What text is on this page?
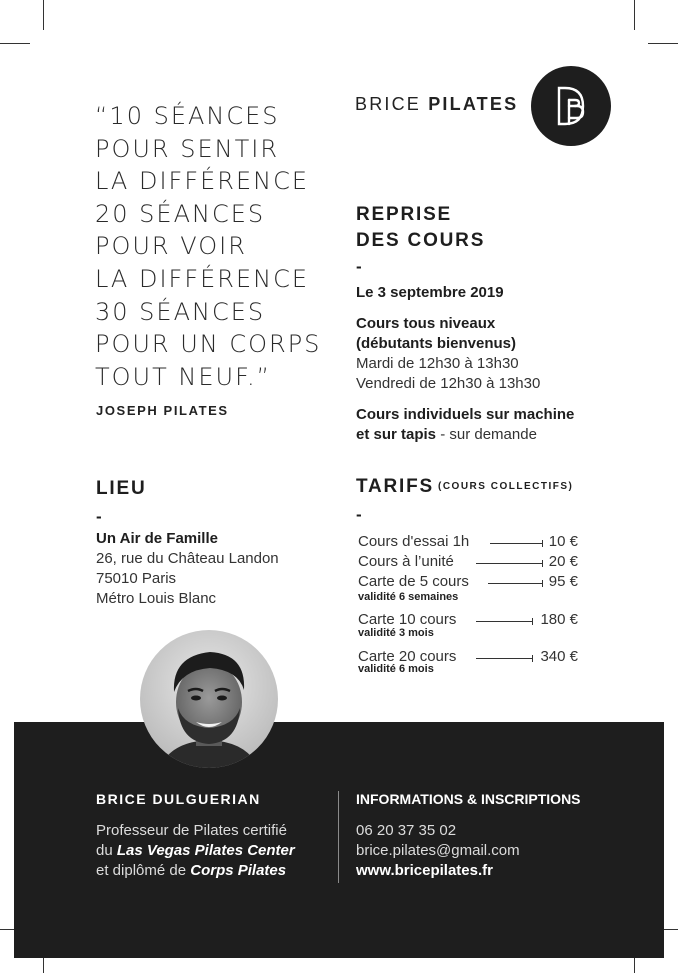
“10 SÉANCES
POUR SENTIR
LA DIFFÉRENCE
20 SÉANCES
POUR VOIR
LA DIFFÉRENCE
30 SÉANCES
POUR UN CORPS
TOUT NEUF.”
JOSEPH PILATES
BRICE PILATES
REPRISE
DES COURS
-
Le 3 septembre 2019
Cours tous niveaux
(débutants bienvenus)
Mardi de 12h30 à 13h30
Vendredi de 12h30 à 13h30
Cours individuels sur machine
et sur tapis - sur demande
TARIFS (COURS COLLECTIFS)
-
Cours d'essai 1h	10 €
Cours à l’unité	20 €
Carte de 5 cours	95 €
validité 6 semaines
Carte 10 cours	180 €
validité 3 mois
Carte 20 cours	340 €
validité 6 mois
LIEU
-
Un Air de Famille
26, rue du Château Landon
75010 Paris
Métro Louis Blanc
BRICE DULGUERIAN
Professeur de Pilates certifié
du Las Vegas Pilates Center
et diplômé de Corps Pilates
INFORMATIONS & INSCRIPTIONS
06 20 37 35 02
brice.pilates@gmail.com
www.bricepilates.fr
